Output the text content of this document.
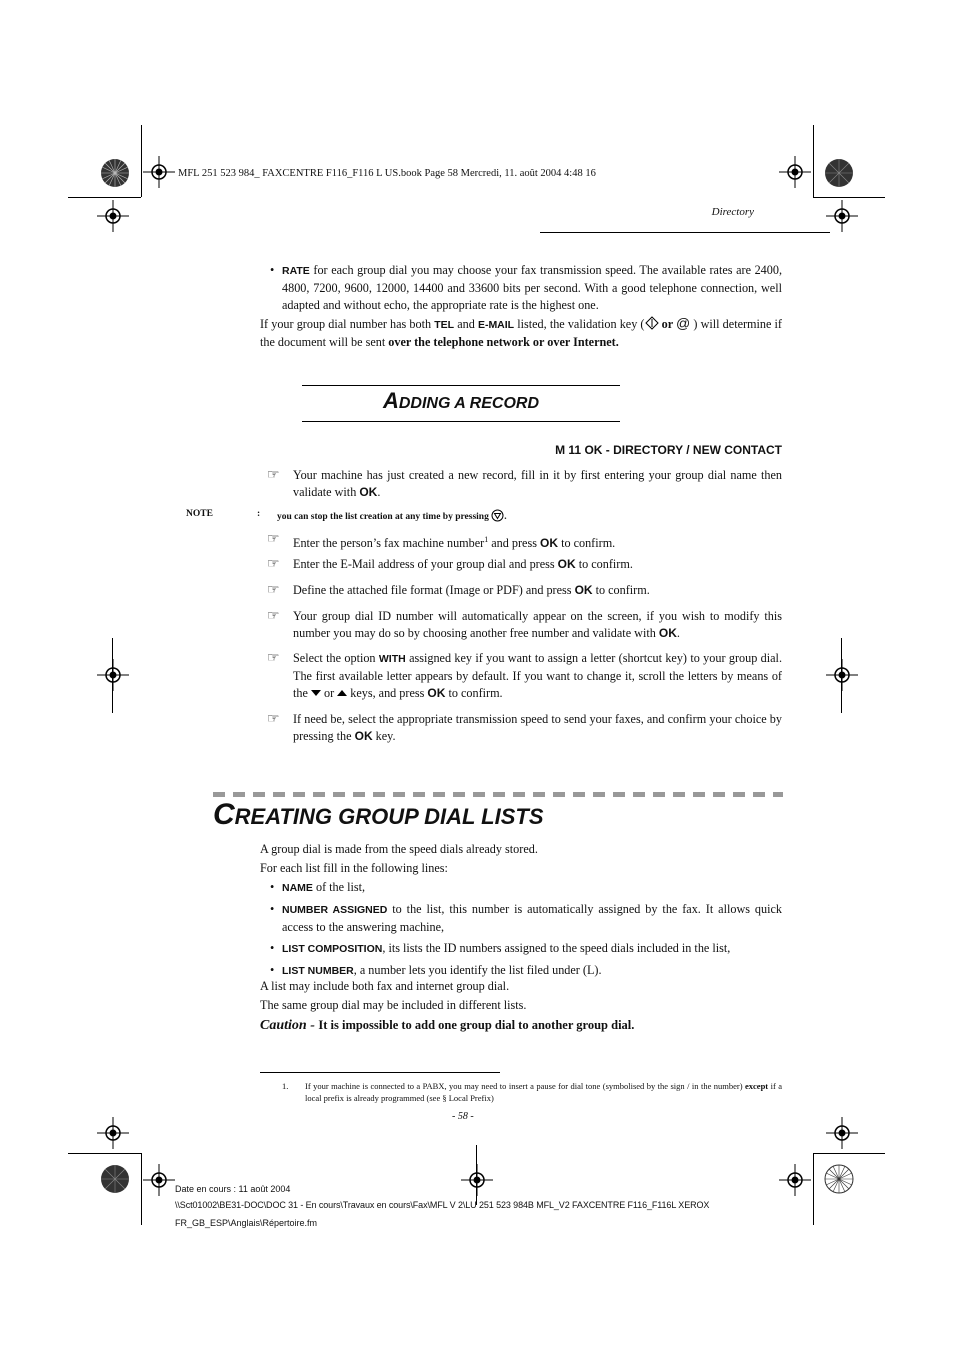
MFL 251 523 984_ FAXCENTRE F116_F116 L US.book Page 58 Mercredi, 11. août 2004 4:48 16
Directory
• RATE for each group dial you may choose your fax transmission speed. The available rates are 2400, 4800, 7200, 9600, 12000, 14400 and 33600 bits per second. With a good telephone connection, well adapted and without echo, the appropriate rate is the highest one.
If your group dial number has both TEL and E-MAIL listed, the validation key ( or @ ) will determine if the document will be sent over the telephone network or over Internet.
ADDING A RECORD
M 11 OK - DIRECTORY / NEW CONTACT
☞ Your machine has just created a new record, fill in it by first entering your group dial name then validate with OK.
NOTE	: you can stop the list creation at any time by pressing .
☞ Enter the person’s fax machine number$^1$ and press OK to confirm.
☞ Enter the E-Mail address of your group dial and press OK to confirm.
☞ Define the attached file format (Image or PDF) and press OK to confirm.
☞ Your group dial ID number will automatically appear on the screen, if you wish to modify this number you may do so by choosing another free number and validate with OK.
☞ Select the option WITH assigned key if you want to assign a letter (shortcut key) to your group dial. The first available letter appears by default. If you want to change it, scroll the letters by means of the  or  keys, and press OK to confirm.
☞ If need be, select the appropriate transmission speed to send your faxes, and confirm your choice by pressing the OK key.
CREATING GROUP DIAL LISTS
A group dial is made from the speed dials already stored.
For each list fill in the following lines:
• NAME of the list,
• NUMBER ASSIGNED to the list, this number is automatically assigned by the fax. It allows quick access to the answering machine,
• LIST COMPOSITION, its lists the ID numbers assigned to the speed dials included in the list,
• LIST NUMBER, a number lets you identify the list filed under (L).
A list may include both fax and internet group dial.
The same group dial may be included in different lists.
Caution - It is impossible to add one group dial to another group dial.
1. If your machine is connected to a PABX, you may need to insert a pause for dial tone (symbolised by the sign / in the number) except if a local prefix is already programmed (see § Local Prefix)
- 58 -
Date en cours : 11 août 2004
\\Sct01002\BE31-DOC\DOC 31 - En cours\Travaux en cours\Fax\MFL V 2\LU 251 523 984B MFL_V2 FAXCENTRE F116_F116L XEROX
FR_GB_ESP\Anglais\Répertoire.fm
